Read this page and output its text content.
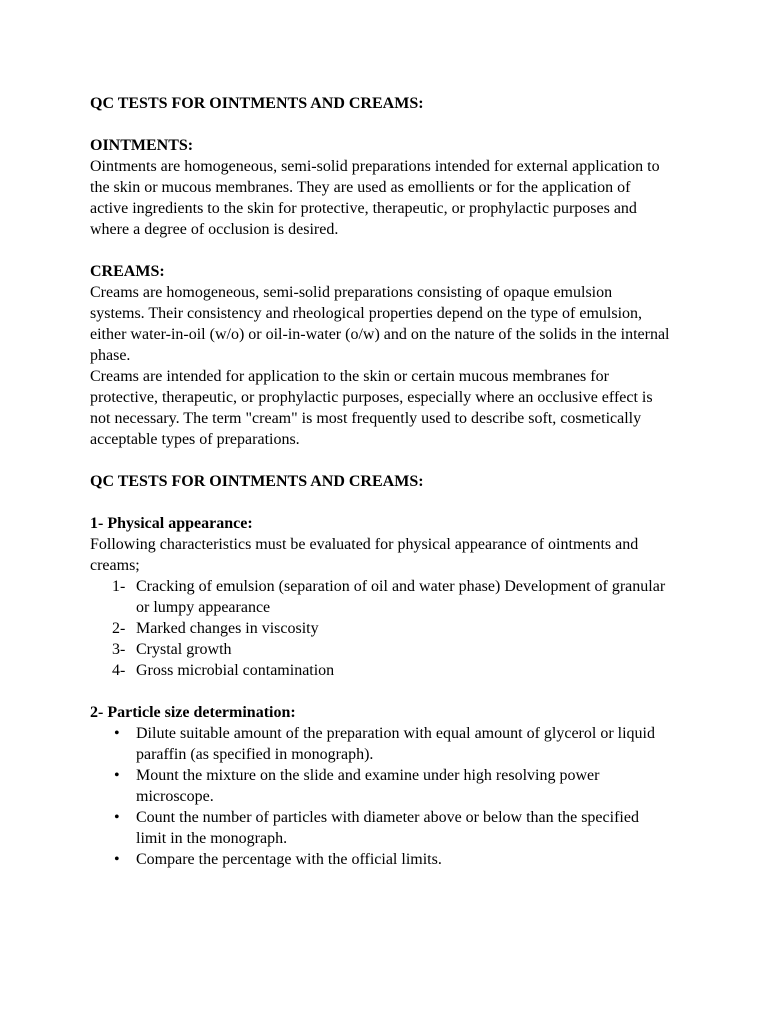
QC TESTS FOR OINTMENTS AND CREAMS:

OINTMENTS:

Ointments are homogeneous, semi-solid preparations intended for external application to the skin or mucous membranes. They are used as emollients or for the application of active ingredients to the skin for protective, therapeutic, or prophylactic purposes and where a degree of occlusion is desired.

CREAMS:

Creams are homogeneous, semi-solid preparations consisting of opaque emulsion systems. Their consistency and rheological properties depend on the type of emulsion, either water-in-oil (w/o) or oil-in-water (o/w) and on the nature of the solids in the internal phase.

Creams are intended for application to the skin or certain mucous membranes for protective, therapeutic, or prophylactic purposes, especially where an occlusive effect is not necessary. The term "cream" is most frequently used to describe soft, cosmetically acceptable types of preparations.

QC TESTS FOR OINTMENTS AND CREAMS:

1- Physical appearance:

Following characteristics must be evaluated for physical appearance of ointments and creams;

1- Cracking of emulsion (separation of oil and water phase) Development of granular or lumpy appearance
2- Marked changes in viscosity
3- Crystal growth
4- Gross microbial contamination

2- Particle size determination:

• Dilute suitable amount of the preparation with equal amount of glycerol or liquid paraffin (as specified in monograph).
• Mount the mixture on the slide and examine under high resolving power microscope.
• Count the number of particles with diameter above or below than the specified limit in the monograph.
• Compare the percentage with the official limits.
